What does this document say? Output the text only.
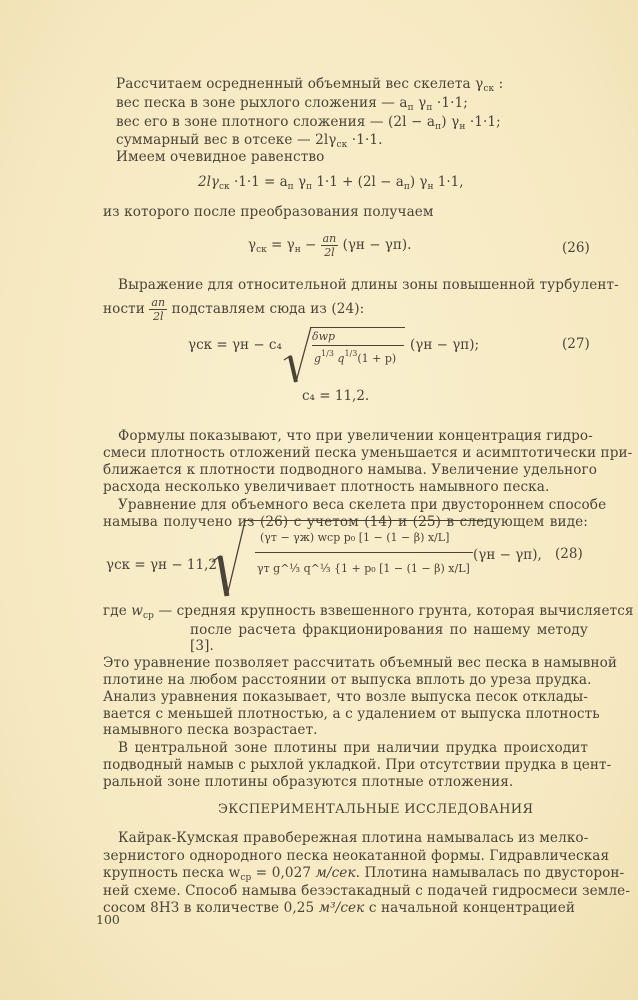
Рассчитаем осредненный объемный вес скелета $\gamma_{ск}$ :
вес песка в зоне рыхлого сложения — $a_п$ $\gamma_п \cdot 1\cdot 1$;
вес его в зоне плотного сложения — $(2l - a_п)$ $\gamma_н \cdot 1\cdot 1$;
суммарный вес в отсеке — $2l\gamma_{ск} \cdot 1\cdot 1$.
Имеем очевидное равенство
$2l\gamma_{ск} \cdot 1\cdot 1 = a_п$ $\gamma_п$ $1\cdot 1 + (2l - a_п)$ $\gamma_н$ 1·1,
из которого после преобразования получаем
$\gamma_{ск} = \gamma_н - \frac{aп}{2l} (\gamma н - \gamma п)$.	(26)
Выражение для относительной длины зоны повышенной турбулент-
ности $\frac{aп}{2l}$ подставляем сюда из (24):
γск = γн − c₄
δwp
$g^{1/3}$ $q^{1/3}(1 + p)$
(γн − γп);	(27)
c₄ = 11,2.
Формулы показывают, что при увеличении концентрация гидро-
смеси плотность отложений песка уменьшается и асимптотически при-
ближается к плотности подводного намыва. Увеличение удельного
расхода несколько увеличивает плотность намывного песка.
Уравнение для объемного веса скелета при двустороннем способе
намыва получено из (26) с учетом (14) и (25) в следующем виде:
γск = γн − 11,2
(γт − γж) wср p₀ [1 − (1 − β) x/L]
γт g^⅓ q^⅓ {1 + p₀ [1 − (1 − β) x/L]
(γн − γп), (28)
где $w_{ср}$ — средняя крупность взвешенного грунта, которая вычисляется
после расчета фракционирования по нашему методу
[3].
Это уравнение позволяет рассчитать объемный вес песка в намывной
плотине на любом расстоянии от выпуска вплоть до уреза прудка.
Анализ уравнения показывает, что возле выпуска песок отклады-
вается с меньшей плотностью, а с удалением от выпуска плотность
намывного песка возрастает.
В центральной зоне плотины при наличии прудка происходит
подводный намыв с рыхлой укладкой. При отсутствии прудка в цент-
ральной зоне плотины образуются плотные отложения.
ЭКСПЕРИМЕНТАЛЬНЫЕ ИССЛЕДОВАНИЯ
Кайрак-Кумская правобережная плотина намывалась из мелко-
зернистого однородного песка неокатанной формы. Гидравлическая
крупность песка $w_{ср} = 0,027$ м/сек. Плотина намывалась по двусторон-
ней схеме. Способ намыва безэстакадный с подачей гидросмеси земле-
сосом 8НЗ в количестве 0,25 м³/сек с начальной концентрацией
100
